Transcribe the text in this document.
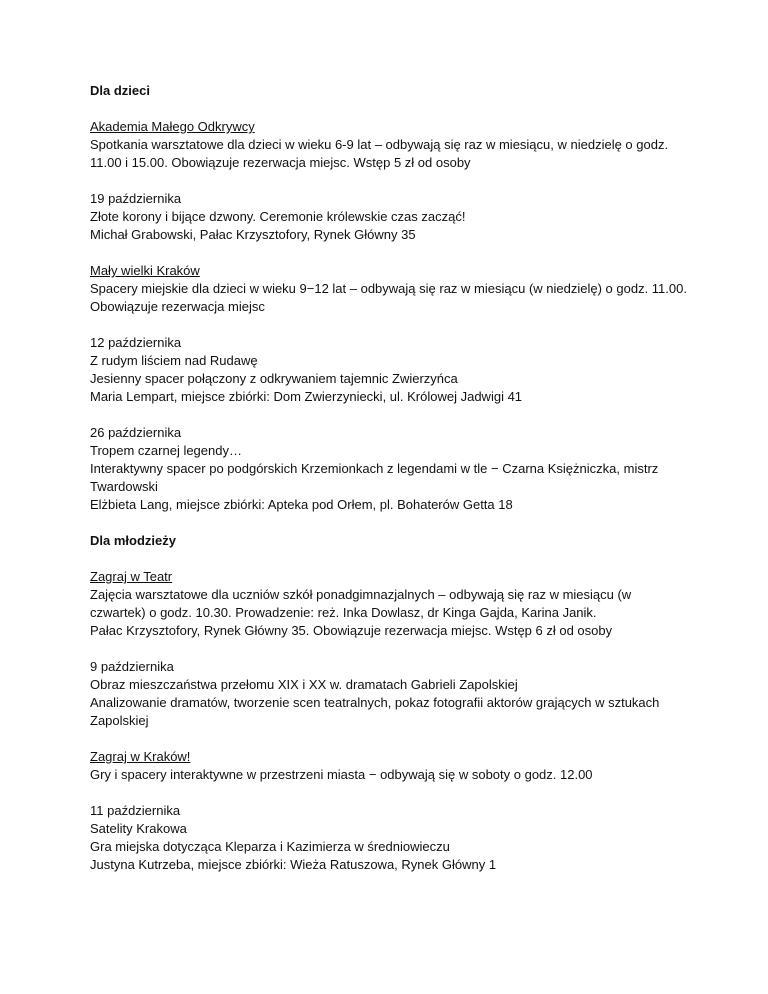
Dla dzieci

Akademia Małego Odkrywcy

Spotkania warsztatowe dla dzieci w wieku 6-9 lat – odbywają się raz w miesiącu, w niedzielę o godz. 11.00 i 15.00. Obowiązuje rezerwacja miejsc. Wstęp 5 zł od osoby

19 października

Złote korony i bijące dzwony. Ceremonie królewskie czas zacząć!

Michał Grabowski, Pałac Krzysztofory, Rynek Główny 35

Mały wielki Kraków

Spacery miejskie dla dzieci w wieku 9−12 lat – odbywają się raz w miesiącu (w niedzielę) o godz. 11.00. Obowiązuje rezerwacja miejsc

12 października

Z rudym liściem nad Rudawę

Jesienny spacer połączony z odkrywaniem tajemnic Zwierzyńca

Maria Lempart, miejsce zbiórki: Dom Zwierzyniecki, ul. Królowej Jadwigi 41

26 października

Tropem czarnej legendy…

Interaktywny spacer po podgórskich Krzemionkach z legendami w tle − Czarna Księżniczka, mistrz Twardowski

Elżbieta Lang, miejsce zbiórki: Apteka pod Orłem, pl. Bohaterów Getta 18

Dla młodzieży

Zagraj w Teatr

Zajęcia warsztatowe dla uczniów szkół ponadgimnazjalnych – odbywają się raz w miesiącu (w czwartek) o godz. 10.30. Prowadzenie: reż. Inka Dowlasz, dr Kinga Gajda, Karina Janik.

Pałac Krzysztofory, Rynek Główny 35. Obowiązuje rezerwacja miejsc. Wstęp 6 zł od osoby

9 października

Obraz mieszczaństwa przełomu XIX i XX w. dramatach Gabrieli Zapolskiej

Analizowanie dramatów, tworzenie scen teatralnych, pokaz fotografii aktorów grających w sztukach Zapolskiej

Zagraj w Kraków!

Gry i spacery interaktywne w przestrzeni miasta − odbywają się w soboty o godz. 12.00

11 października

Satelity Krakowa

Gra miejska dotycząca Kleparza i Kazimierza w średniowieczu

Justyna Kutrzeba, miejsce zbiórki: Wieża Ratuszowa, Rynek Główny 1
